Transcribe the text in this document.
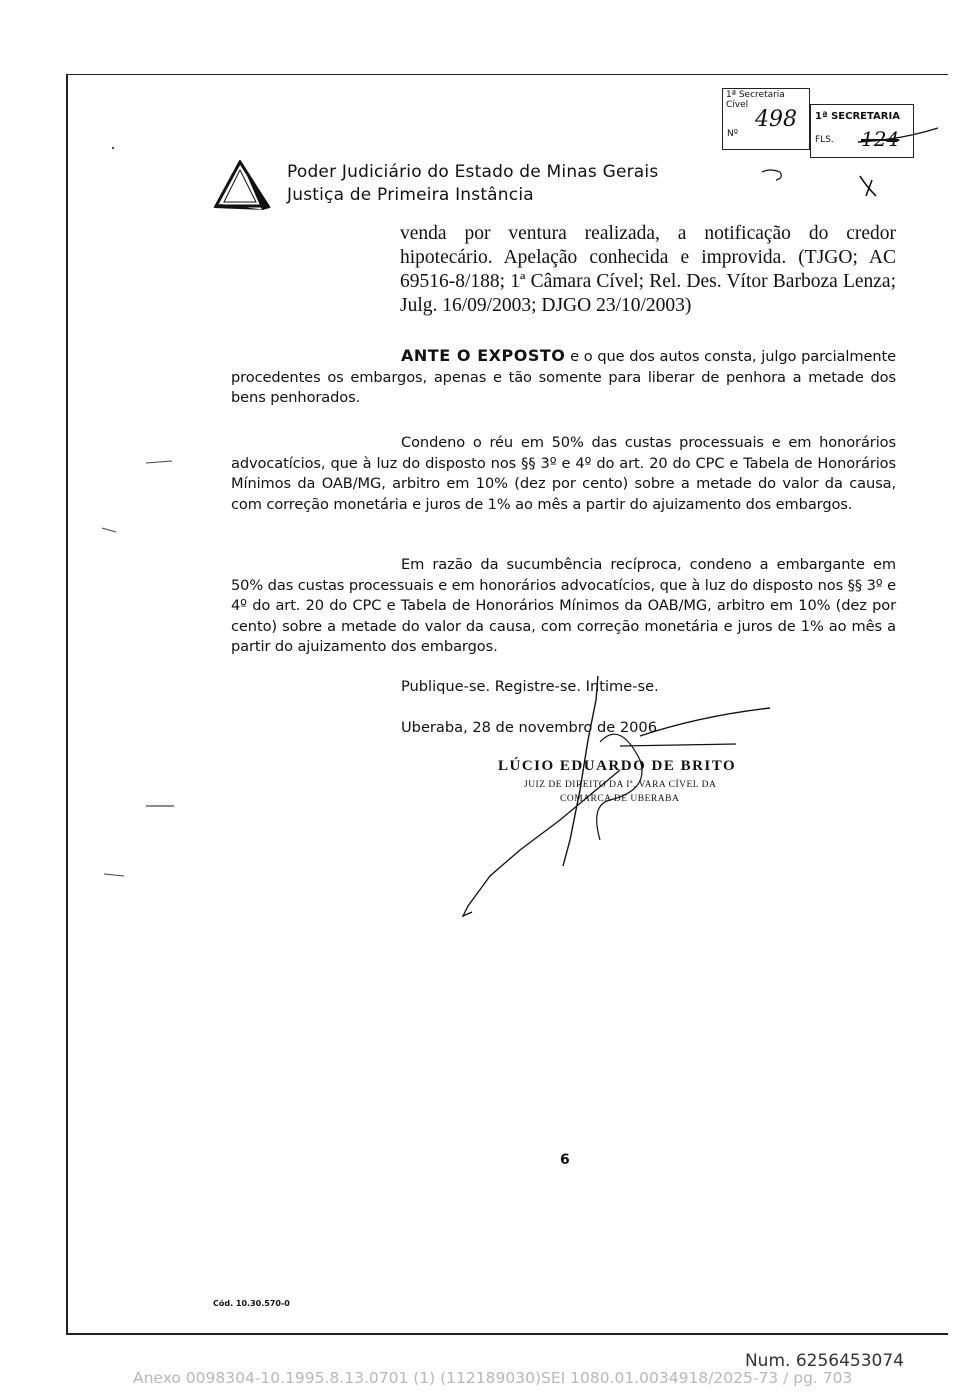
Poder Judiciário do Estado de Minas Gerais
Justiça de Primeira Instância
1ª Secretaria Cível
Nº
498 1ª SECRETARIA
FLS. 124
venda por ventura realizada, a notificação do credor hipotecário. Apelação conhecida e improvida. (TJGO; AC 69516-8/188; 1ª Câmara Cível; Rel. Des. Vítor Barboza Lenza; Julg. 16/09/2003; DJGO 23/10/2003)
ANTE O EXPOSTO e o que dos autos consta, julgo parcialmente procedentes os embargos, apenas e tão somente para liberar de penhora a metade dos bens penhorados.
Condeno o réu em 50% das custas processuais e em honorários advocatícios, que à luz do disposto nos §§ 3º e 4º do art. 20 do CPC e Tabela de Honorários Mínimos da OAB/MG, arbitro em 10% (dez por cento) sobre a metade do valor da causa, com correção monetária e juros de 1% ao mês a partir do ajuizamento dos embargos.
Em razão da sucumbência recíproca, condeno a embargante em 50% das custas processuais e em honorários advocatícios, que à luz do disposto nos §§ 3º e 4º do art. 20 do CPC e Tabela de Honorários Mínimos da OAB/MG, arbitro em 10% (dez por cento) sobre a metade do valor da causa, com correção monetária e juros de 1% ao mês a partir do ajuizamento dos embargos.
Publique-se. Registre-se. Intime-se.
Uberaba, 28 de novembro de 2006
LÚCIO EDUARDO DE BRITO
JUIZ DE DIREITO DA Iª. VARA CÍVEL DA
COMARCA DE UBERABA
6
Cód. 10.30.570-0
Num. 6256453074
Anexo 0098304-10.1995.8.13.0701 (1) (112189030) SEI 1080.01.0034918/2025-73 / pg. 703
